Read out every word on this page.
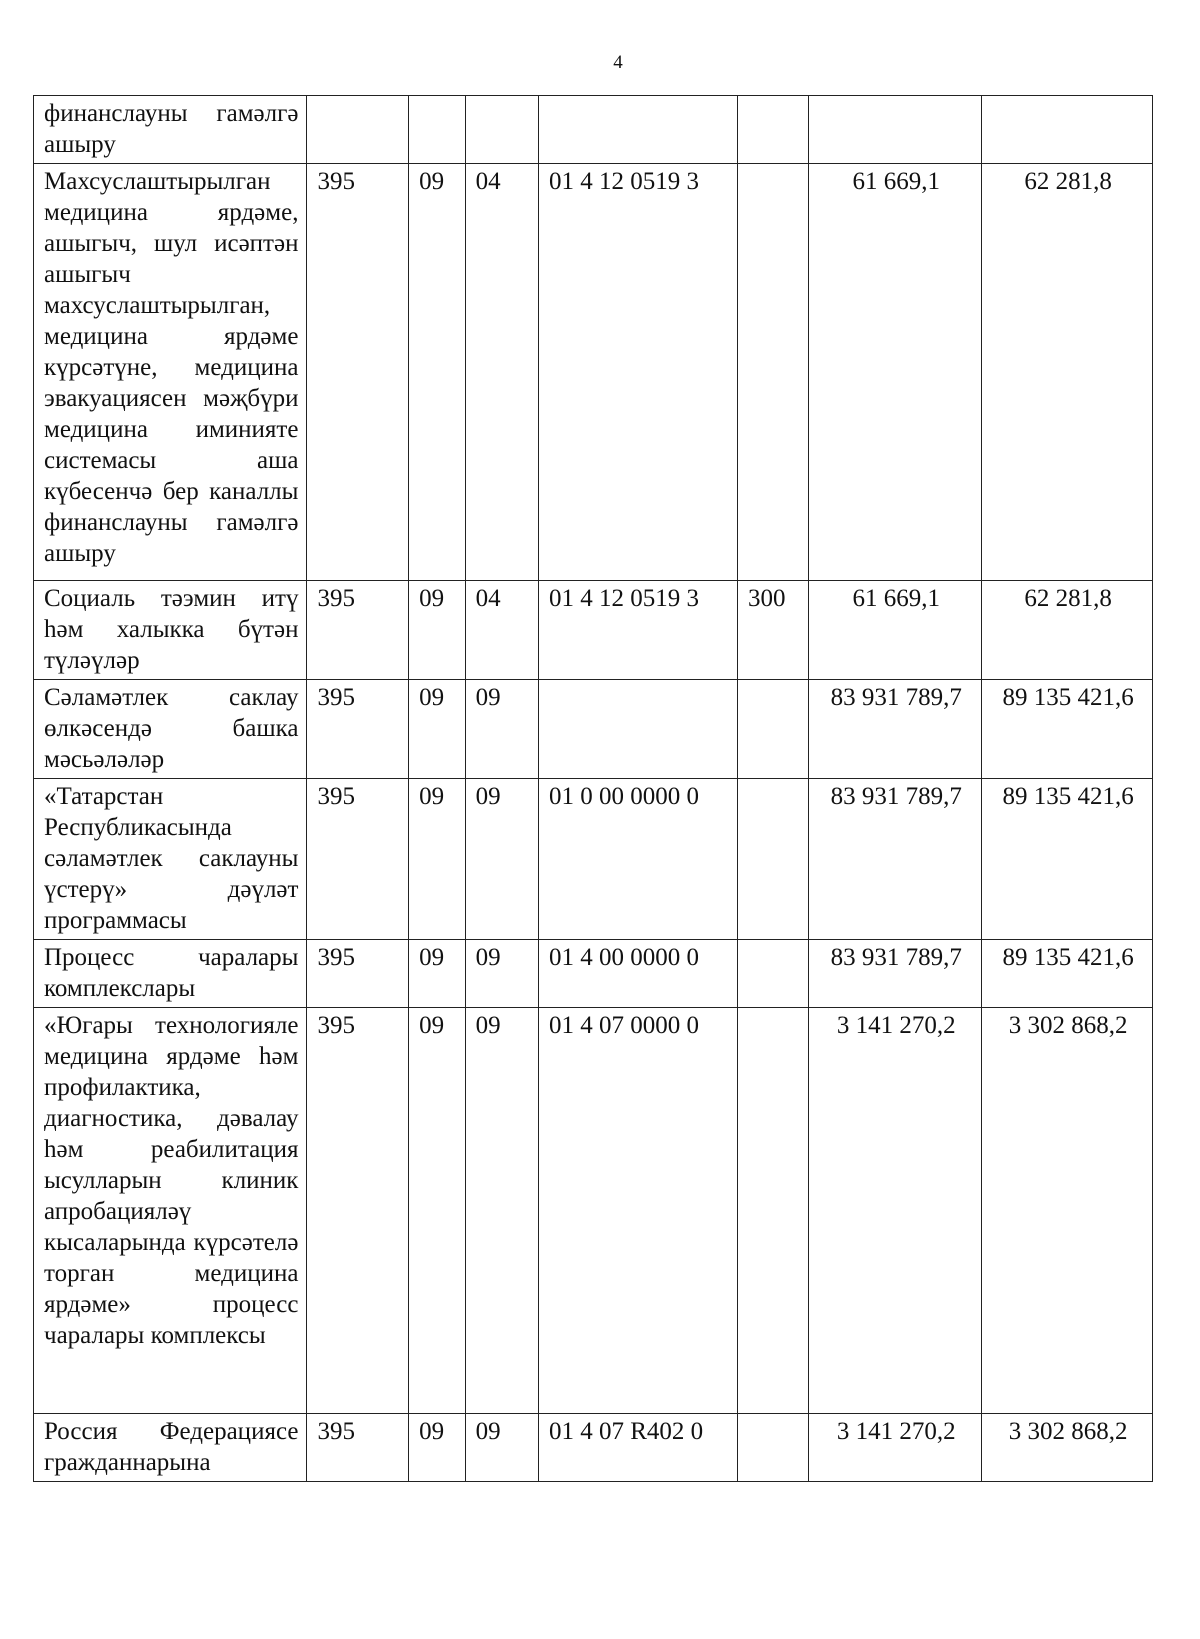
4
финанслауны гамәлгә ашыру							
Махсуслаштырылган медицина ярдәме, ашыгыч, шул исәптән ашыгыч махсуслаштырылган, медицина ярдәме күрсәтүне, медицина эвакуациясен мәҗбүри медицина иминияте системасы аша күбесенчә бер каналлы финанслауны гамәлгә ашыру	395	09	04	01 4 12 0519 3		61 669,1	62 281,8
Социаль тәэмин итү һәм халыкка бүтән түләүләр	395	09	04	01 4 12 0519 3	300	61 669,1	62 281,8
Сәламәтлек саклау өлкәсендә башка мәсьәләләр	395	09	09			83 931 789,7	89 135 421,6
«Татарстан Республикасында сәламәтлек саклауны үстерү» дәүләт программасы	395	09	09	01 0 00 0000 0		83 931 789,7	89 135 421,6
Процесс чаралары комплекслары	395	09	09	01 4 00 0000 0		83 931 789,7	89 135 421,6
«Югары технологияле медицина ярдәме һәм профилактика, диагностика, дәвалау һәм реабилитация ысулларын клиник апробацияләү кысаларында күрсәтелә торган медицина ярдәме» процесс чаралары комплексы	395	09	09	01 4 07 0000 0		3 141 270,2	3 302 868,2
Россия Федерациясе гражданнарына	395	09	09	01 4 07 R402 0		3 141 270,2	3 302 868,2
